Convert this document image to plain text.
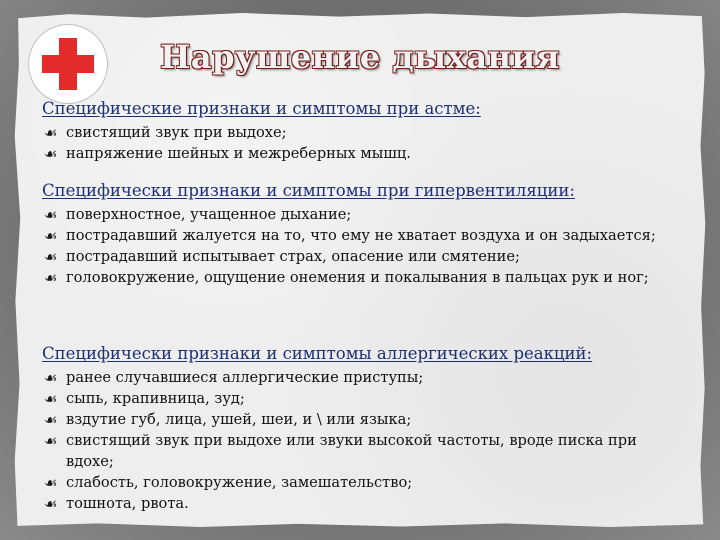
Нарушение дыхания
Специфические признаки и симптомы при астме:
☙ свистящий звук при выдохе;
☙ напряжение шейных и межреберных мышц.
Специфически признаки и симптомы при гипервентиляции:
☙ поверхностное, учащенное дыхание;
☙ пострадавший жалуется на то, что ему не хватает воздуха и он задыхается;
☙ пострадавший испытывает страх, опасение или смятение;
☙ головокружение, ощущение онемения и покалывания в пальцах рук и ног;
Специфически признаки и симптомы аллергических реакций:
☙ ранее случавшиеся аллергические приступы;
☙ сыпь, крапивница, зуд;
☙ вздутие губ, лица, ушей, шеи, и \ или языка;
☙ свистящий звук при выдохе или звуки высокой частоты, вроде писка при вдохе;
☙ слабость, головокружение, замешательство;
☙ тошнота, рвота.
